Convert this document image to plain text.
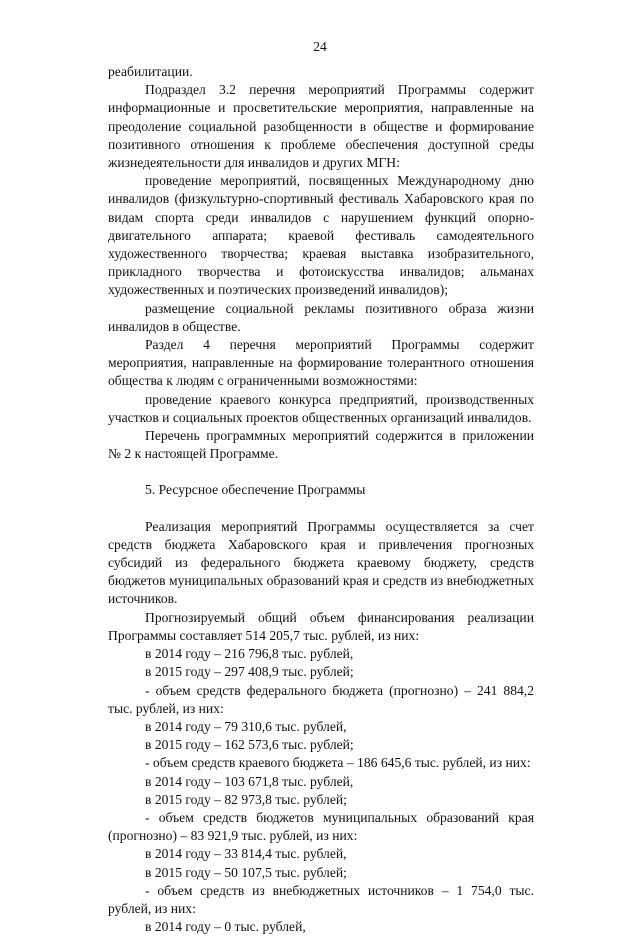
24

реабилитации.

Подраздел 3.2 перечня мероприятий Программы содержит информационные и просветительские мероприятия, направленные на преодоление социальной разобщенности в обществе и формирование позитивного отношения к проблеме обеспечения доступной среды жизнедеятельности для инвалидов и других МГН:

проведение мероприятий, посвященных Международному дню инвалидов (физкультурно-спортивный фестиваль Хабаровского края по видам спорта среди инвалидов с нарушением функций опорно-двигательного аппарата; краевой фестиваль самодеятельного художественного творчества; краевая выставка изобразительного, прикладного творчества и фотоискусства инвалидов; альманах художественных и поэтических произведений инвалидов);

размещение социальной рекламы позитивного образа жизни инвалидов в обществе.

Раздел 4 перечня мероприятий Программы содержит мероприятия, направленные на формирование толерантного отношения общества к людям с ограниченными возможностями:

проведение краевого конкурса предприятий, производственных участков и социальных проектов общественных организаций инвалидов.

Перечень программных мероприятий содержится в приложении № 2 к настоящей Программе.

5. Ресурсное обеспечение Программы

Реализация мероприятий Программы осуществляется за счет средств бюджета Хабаровского края и привлечения прогнозных субсидий из федерального бюджета краевому бюджету, средств бюджетов муниципальных образований края и средств из внебюджетных источников.

Прогнозируемый общий объем финансирования реализации Программы составляет 514 205,7 тыс. рублей, из них:

в 2014 году – 216 796,8 тыс. рублей,

в 2015 году – 297 408,9 тыс. рублей;

- объем средств федерального бюджета (прогнозно) – 241 884,2 тыс. рублей, из них:

в 2014 году – 79 310,6 тыс. рублей,

в 2015 году – 162 573,6 тыс. рублей;

- объем средств краевого бюджета – 186 645,6 тыс. рублей, из них:

в 2014 году – 103 671,8 тыс. рублей,

в 2015 году – 82 973,8 тыс. рублей;

- объем средств бюджетов муниципальных образований края (прогнозно) – 83 921,9 тыс. рублей, из них:

в 2014 году – 33 814,4 тыс. рублей,

в 2015 году – 50 107,5 тыс. рублей;

- объем средств из внебюджетных источников – 1 754,0 тыс. рублей, из них:

в 2014 году – 0 тыс. рублей,
